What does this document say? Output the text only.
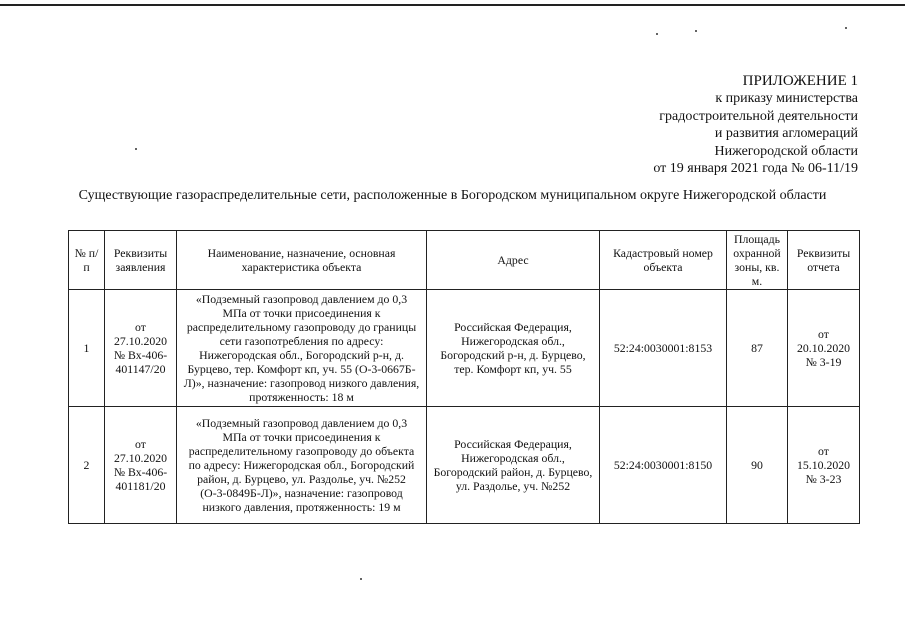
ПРИЛОЖЕНИЕ 1
к приказу министерства
градостроительной деятельности
и развития агломераций
Нижегородской области
от 19 января 2021 года № 06-11/19
Существующие газораспределительные сети, расположенные в Богородском муниципальном округе Нижегородской области
№ п/п	Реквизиты заявления	Наименование, назначение, основная характеристика объекта	Адрес	Кадастровый номер объекта	Площадь охранной зоны, кв. м.	Реквизиты отчета
1	от 27.10.2020 № Вх-406-401147/20	«Подземный газопровод давлением до 0,3 МПа от точки присоединения к распределительному газопроводу до границы сети газопотребления по адресу: Нижегородская обл., Богородский р-н, д. Бурцево, тер. Комфорт кп, уч. 55 (О-3-0667Б-Л)», назначение: газопровод низкого давления, протяженность: 18 м	Российская Федерация, Нижегородская обл., Богородский р-н, д. Бурцево, тер. Комфорт кп, уч. 55	52:24:0030001:8153	87	от 20.10.2020 № 3-19
2	от 27.10.2020 № Вх-406-401181/20	«Подземный газопровод давлением до 0,3 МПа от точки присоединения к распределительному газопроводу до объекта по адресу: Нижегородская обл., Богородский район, д. Бурцево, ул. Раздолье, уч. №252 (О-3-0849Б-Л)», назначение: газопровод низкого давления, протяженность: 19 м	Российская Федерация, Нижегородская обл., Богородский район, д. Бурцево, ул. Раздолье, уч. №252	52:24:0030001:8150	90	от 15.10.2020 № 3-23
